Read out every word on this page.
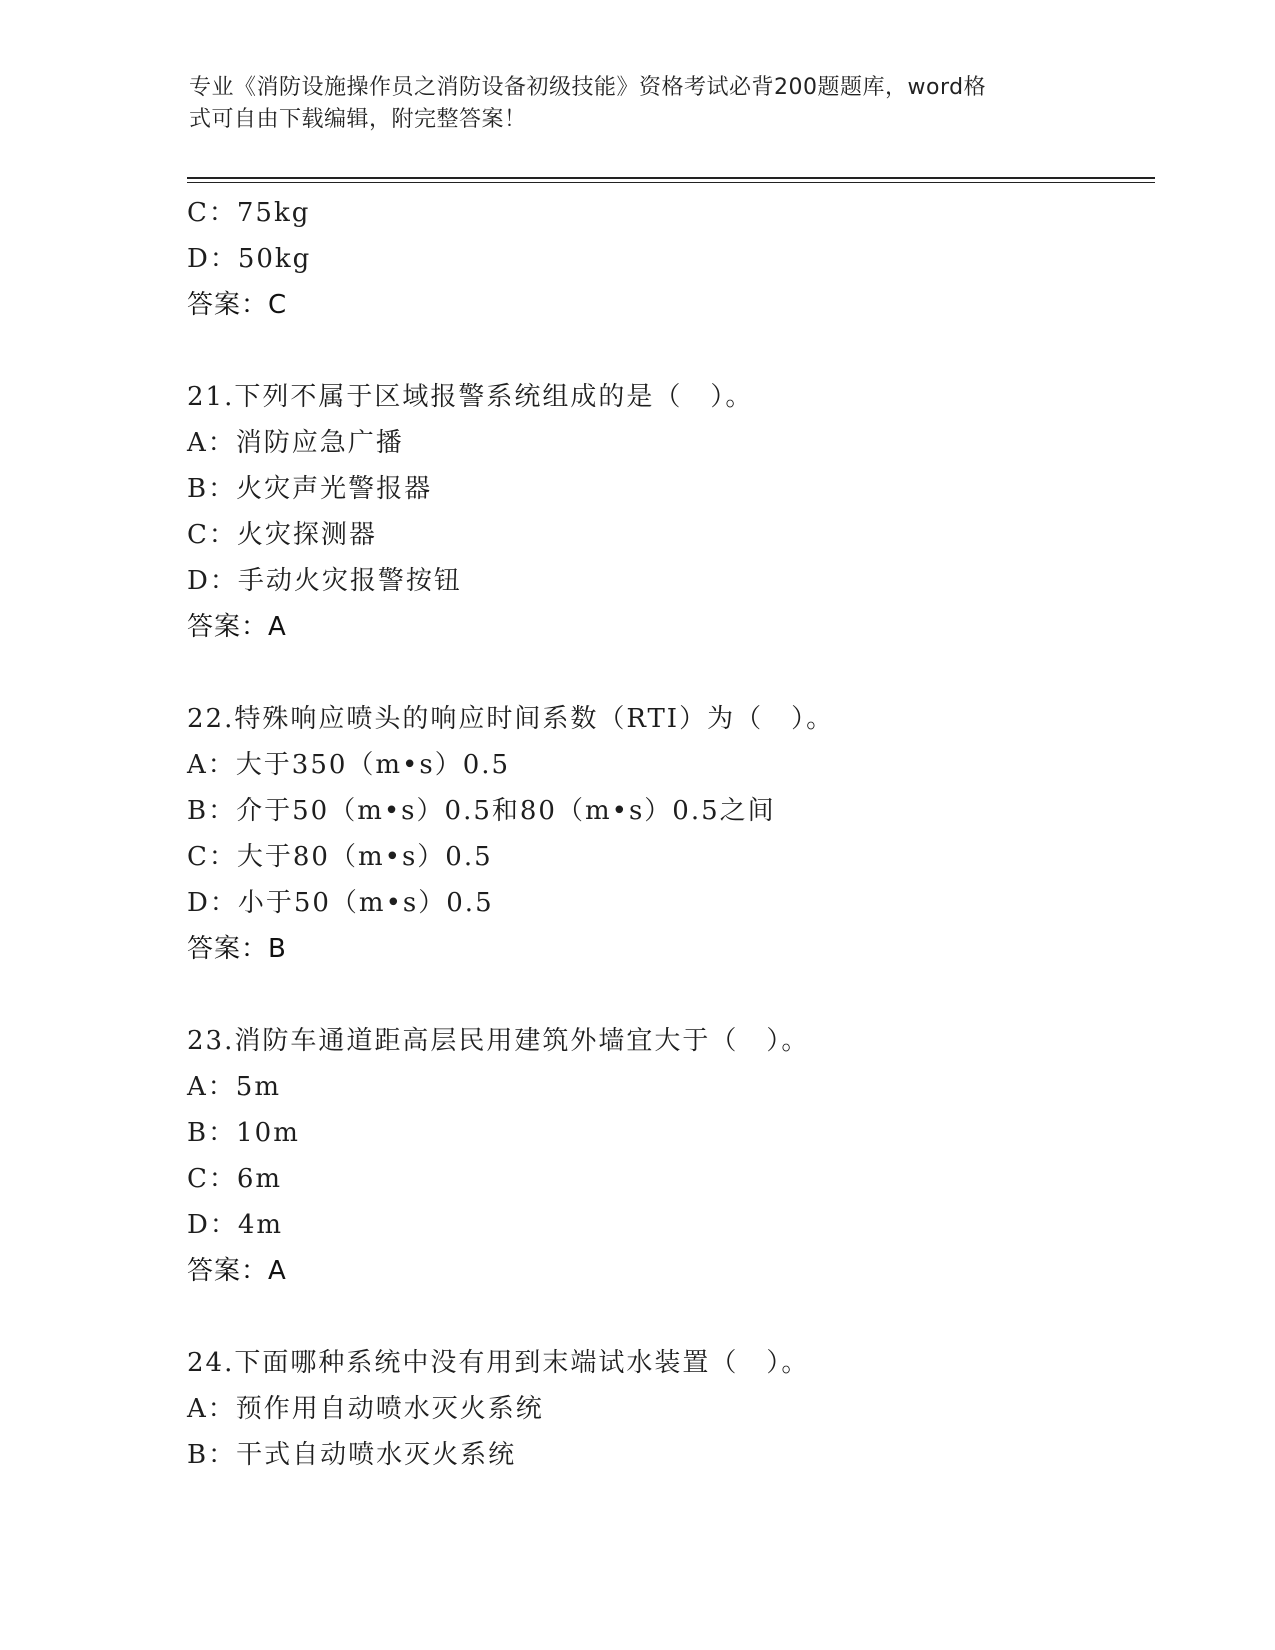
专业《消防设施操作员之消防设备初级技能》资格考试必背200题题库，word格
式可自由下载编辑，附完整答案！
C：75kg
D：50kg
答案：C
21.下列不属于区域报警系统组成的是（　）。
A：消防应急广播
B：火灾声光警报器
C：火灾探测器
D：手动火灾报警按钮
答案：A
22.特殊响应喷头的响应时间系数（RTI）为（　）。
A：大于350（m•s）0.5
B：介于50（m•s）0.5和80（m•s）0.5之间
C：大于80（m•s）0.5
D：小于50（m•s）0.5
答案：B
23.消防车通道距高层民用建筑外墙宜大于（　）。
A：5m
B：10m
C：6m
D：4m
答案：A
24.下面哪种系统中没有用到末端试水装置（　）。
A：预作用自动喷水灭火系统
B：干式自动喷水灭火系统
